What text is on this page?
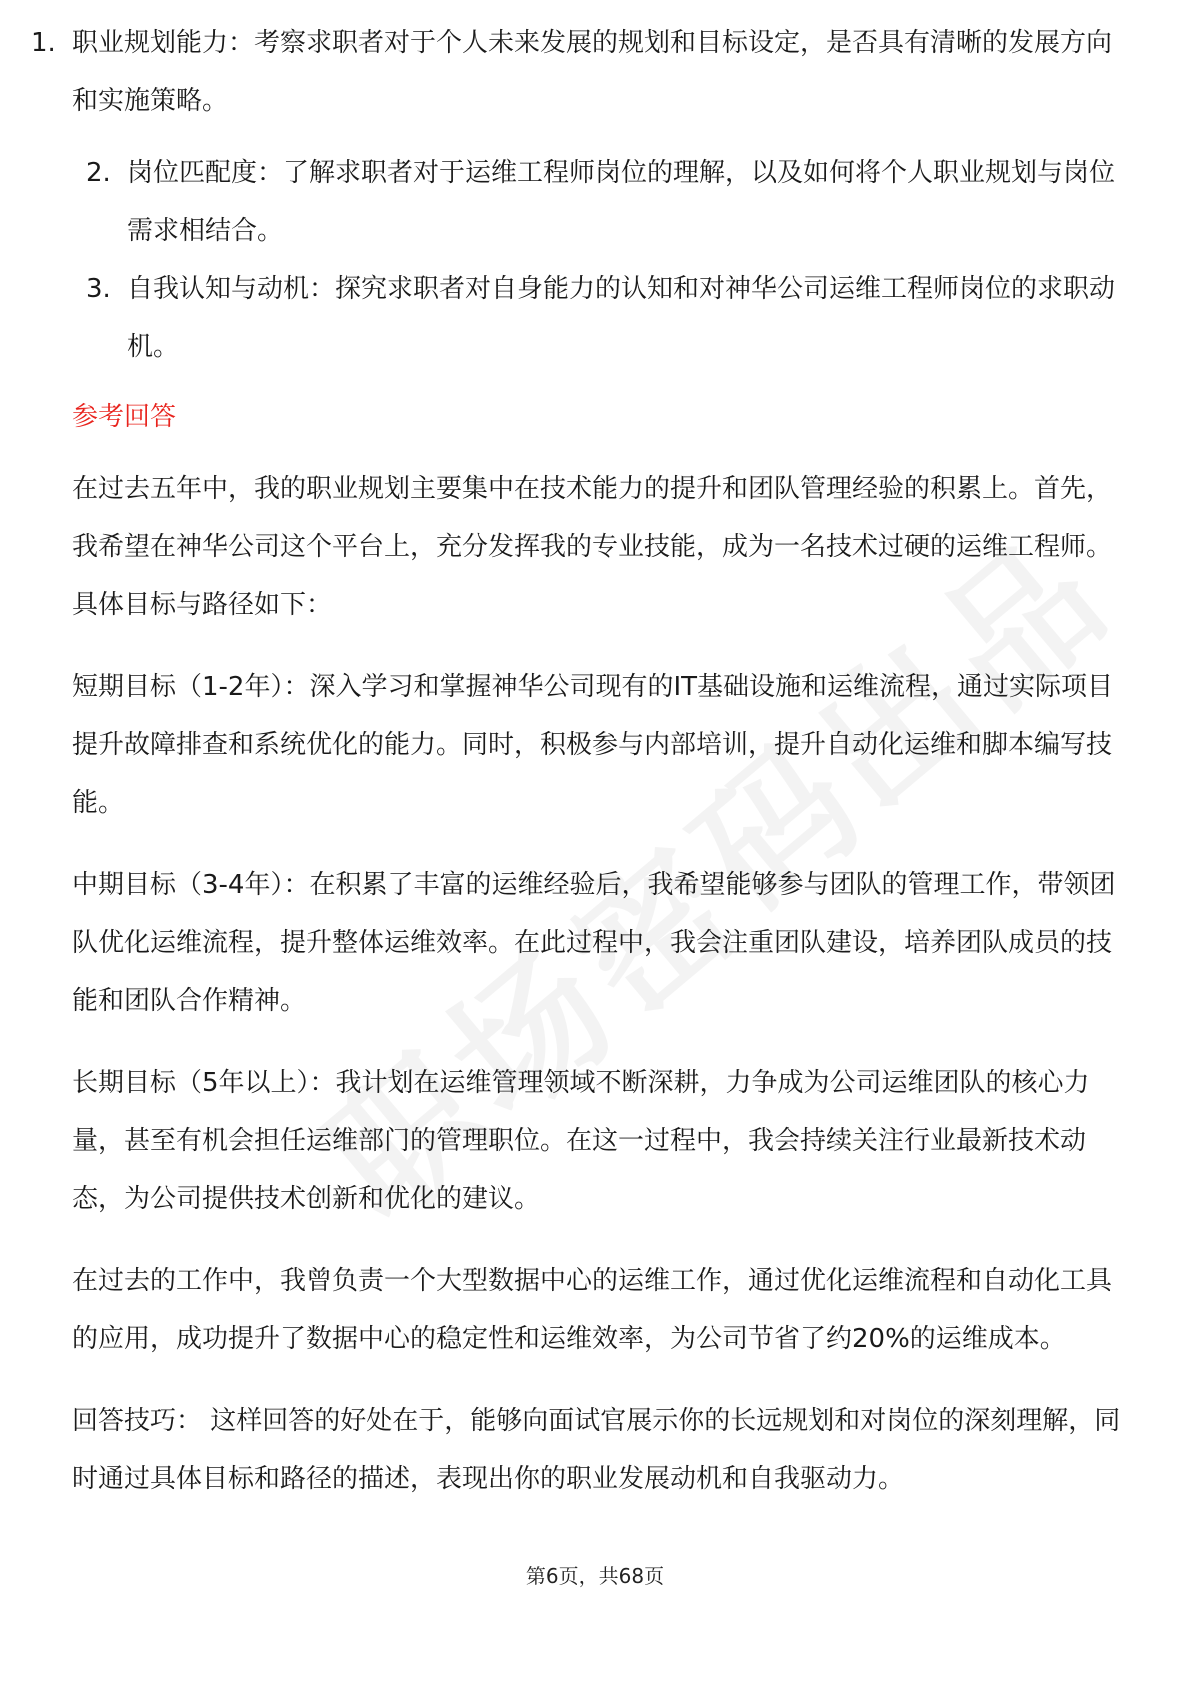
1. 职业规划能力：考察求职者对于个人未来发展的规划和目标设定，是否具有清晰的发展方向和实施策略。
2. 岗位匹配度：了解求职者对于运维工程师岗位的理解，以及如何将个人职业规划与岗位需求相结合。
3. 自我认知与动机：探究求职者对自身能力的认知和对神华公司运维工程师岗位的求职动机。
参考回答

在过去五年中，我的职业规划主要集中在技术能力的提升和团队管理经验的积累上。首先，我希望在神华公司这个平台上，充分发挥我的专业技能，成为一名技术过硬的运维工程师。具体目标与路径如下：

短期目标（1-2年）：深入学习和掌握神华公司现有的IT基础设施和运维流程，通过实际项目提升故障排查和系统优化的能力。同时，积极参与内部培训，提升自动化运维和脚本编写技能。

中期目标（3-4年）：在积累了丰富的运维经验后，我希望能够参与团队的管理工作，带领团队优化运维流程，提升整体运维效率。在此过程中，我会注重团队建设，培养团队成员的技能和团队合作精神。

长期目标（5年以上）：我计划在运维管理领域不断深耕，力争成为公司运维团队的核心力量，甚至有机会担任运维部门的管理职位。在这一过程中，我会持续关注行业最新技术动态，为公司提供技术创新和优化的建议。

在过去的工作中，我曾负责一个大型数据中心的运维工作，通过优化运维流程和自动化工具的应用，成功提升了数据中心的稳定性和运维效率，为公司节省了约20%的运维成本。

回答技巧： 这样回答的好处在于，能够向面试官展示你的长远规划和对岗位的深刻理解，同时通过具体目标和路径的描述，表现出你的职业发展动机和自我驱动力。

第6页，共68页
